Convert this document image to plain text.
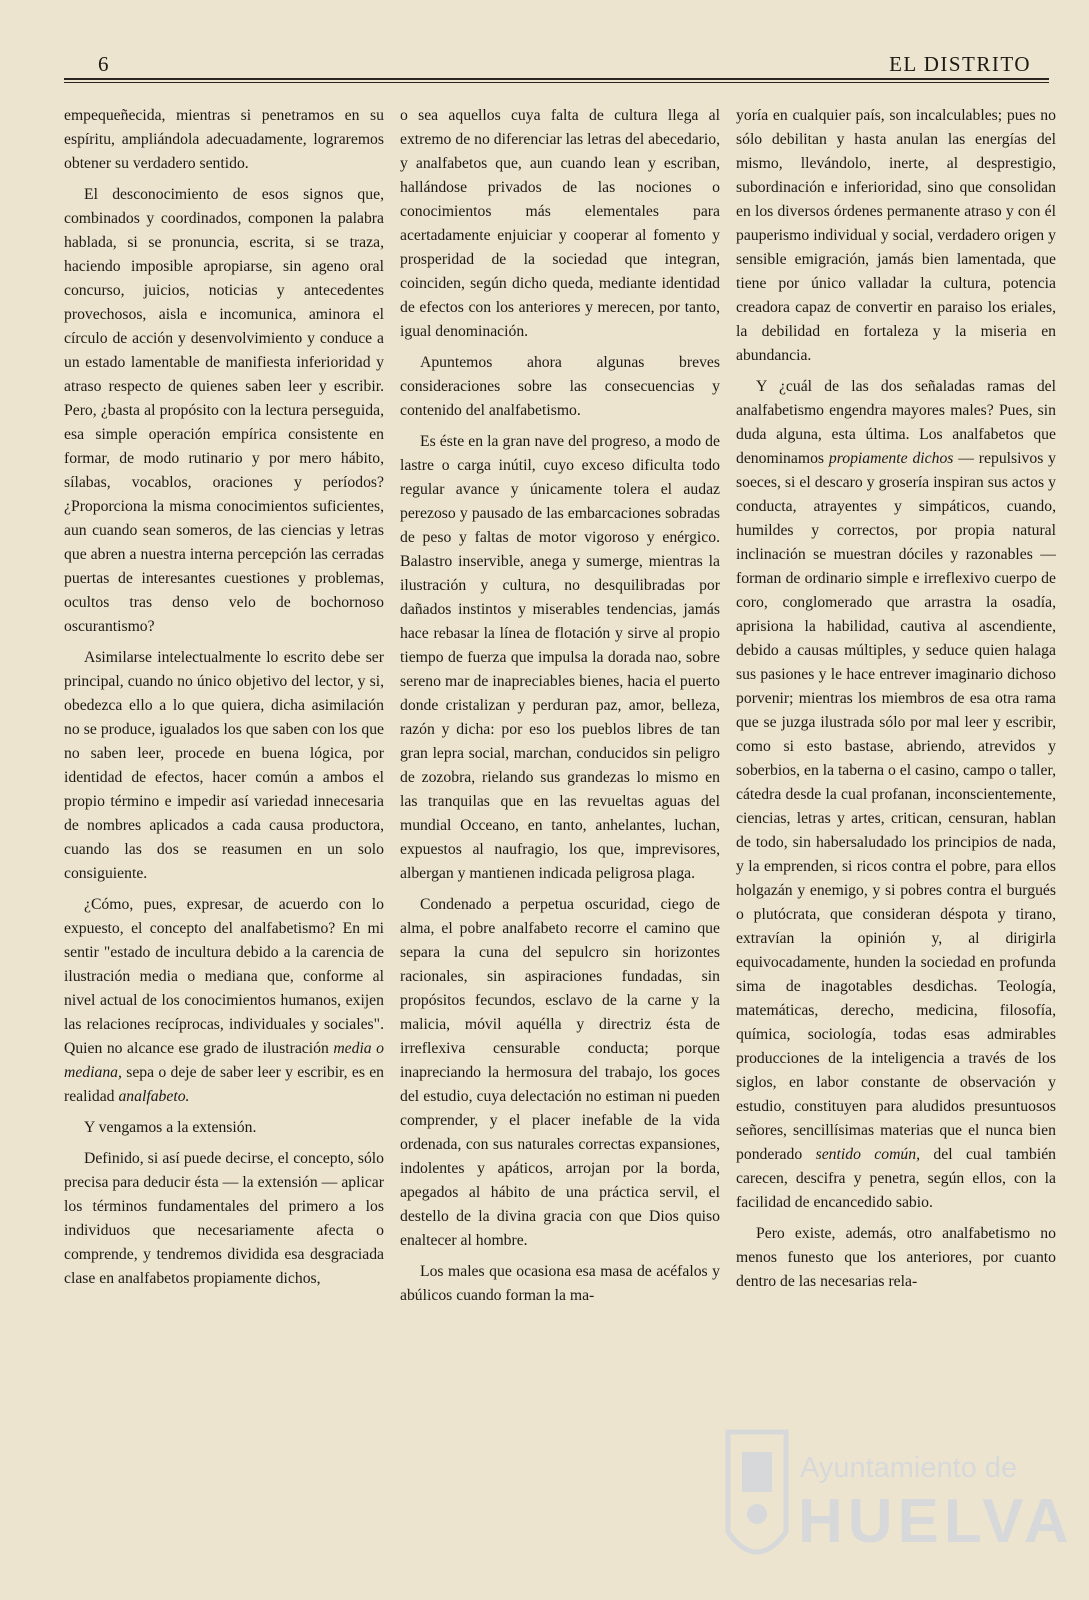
6	EL DISTRITO

empequeñecida, mientras si penetramos en su espíritu, ampliándola adecuadamente, lograremos obtener su verdadero sentido.

El desconocimiento de esos signos que, combinados y coordinados, componen la palabra hablada, si se pronuncia, escrita, si se traza, haciendo imposible apropiarse, sin ageno oral concurso, juicios, noticias y antecedentes provechosos, aisla e incomunica, aminora el círculo de acción y desenvolvimiento y conduce a un estado lamentable de manifiesta inferioridad y atraso respecto de quienes saben leer y escribir. Pero, ¿basta al propósito con la lectura perseguida, esa simple operación empírica consistente en formar, de modo rutinario y por mero hábito, sílabas, vocablos, oraciones y períodos? ¿Proporciona la misma conocimientos suficientes, aun cuando sean someros, de las ciencias y letras que abren a nuestra interna percepción las cerradas puertas de interesantes cuestiones y problemas, ocultos tras denso velo de bochornoso oscurantismo?

Asimilarse intelectualmente lo escrito debe ser principal, cuando no único objetivo del lector, y si, obedezca ello a lo que quiera, dicha asimilación no se produce, igualados los que saben con los que no saben leer, procede en buena lógica, por identidad de efectos, hacer común a ambos el propio término e impedir así variedad innecesaria de nombres aplicados a cada causa productora, cuando las dos se reasumen en un solo consiguiente.

¿Cómo, pues, expresar, de acuerdo con lo expuesto, el concepto del analfabetismo? En mi sentir "estado de incultura debido a la carencia de ilustración media o mediana que, conforme al nivel actual de los conocimientos humanos, exijen las relaciones recíprocas, individuales y sociales". Quien no alcance ese grado de ilustración media o mediana, sepa o deje de saber leer y escribir, es en realidad analfabeto.

Y vengamos a la extensión.

Definido, si así puede decirse, el concepto, sólo precisa para deducir ésta — la extensión — aplicar los términos fundamentales del primero a los individuos que necesariamente afecta o comprende, y tendremos dividida esa desgraciada clase en analfabetos propiamente dichos,

o sea aquellos cuya falta de cultura llega al extremo de no diferenciar las letras del abecedario, y analfabetos que, aun cuando lean y escriban, hallándose privados de las nociones o conocimientos más elementales para acertadamente enjuiciar y cooperar al fomento y prosperidad de la sociedad que integran, coinciden, según dicho queda, mediante identidad de efectos con los anteriores y merecen, por tanto, igual denominación.

Apuntemos ahora algunas breves consideraciones sobre las consecuencias y contenido del analfabetismo.

Es éste en la gran nave del progreso, a modo de lastre o carga inútil, cuyo exceso dificulta todo regular avance y únicamente tolera el audaz perezoso y pausado de las embarcaciones sobradas de peso y faltas de motor vigoroso y enérgico. Balastro inservible, anega y sumerge, mientras la ilustración y cultura, no desquilibradas por dañados instintos y miserables tendencias, jamás hace rebasar la línea de flotación y sirve al propio tiempo de fuerza que impulsa la dorada nao, sobre sereno mar de inapreciables bienes, hacia el puerto donde cristalizan y perduran paz, amor, belleza, razón y dicha: por eso los pueblos libres de tan gran lepra social, marchan, conducidos sin peligro de zozobra, rielando sus grandezas lo mismo en las tranquilas que en las revueltas aguas del mundial Occeano, en tanto, anhelantes, luchan, expuestos al naufragio, los que, imprevisores, albergan y mantienen indicada peligrosa plaga.

Condenado a perpetua oscuridad, ciego de alma, el pobre analfabeto recorre el camino que separa la cuna del sepulcro sin horizontes racionales, sin aspiraciones fundadas, sin propósitos fecundos, esclavo de la carne y la malicia, móvil aquélla y directriz ésta de irreflexiva censurable conducta; porque inapreciando la hermosura del trabajo, los goces del estudio, cuya delectación no estiman ni pueden comprender, y el placer inefable de la vida ordenada, con sus naturales correctas expansiones, indolentes y apáticos, arrojan por la borda, apegados al hábito de una práctica servil, el destello de la divina gracia con que Dios quiso enaltecer al hombre.

Los males que ocasiona esa masa de acéfalos y abúlicos cuando forman la ma-

yoría en cualquier país, son incalculables; pues no sólo debilitan y hasta anulan las energías del mismo, llevándolo, inerte, al desprestigio, subordinación e inferioridad, sino que consolidan en los diversos órdenes permanente atraso y con él pauperismo individual y social, verdadero origen y sensible emigración, jamás bien lamentada, que tiene por único valladar la cultura, potencia creadora capaz de convertir en paraiso los eriales, la debilidad en fortaleza y la miseria en abundancia.

Y ¿cuál de las dos señaladas ramas del analfabetismo engendra mayores males? Pues, sin duda alguna, esta última. Los analfabetos que denominamos propiamente dichos — repulsivos y soeces, si el descaro y grosería inspiran sus actos y conducta, atrayentes y simpáticos, cuando, humildes y correctos, por propia natural inclinación se muestran dóciles y razonables — forman de ordinario simple e irreflexivo cuerpo de coro, conglomerado que arrastra la osadía, aprisiona la habilidad, cautiva al ascendiente, debido a causas múltiples, y seduce quien halaga sus pasiones y le hace entrever imaginario dichoso porvenir; mientras los miembros de esa otra rama que se juzga ilustrada sólo por mal leer y escribir, como si esto bastase, abriendo, atrevidos y soberbios, en la taberna o el casino, campo o taller, cátedra desde la cual profanan, inconscientemente, ciencias, letras y artes, critican, censuran, hablan de todo, sin habersaludado los principios de nada, y la emprenden, si ricos contra el pobre, para ellos holgazán y enemigo, y si pobres contra el burgués o plutócrata, que consideran déspota y tirano, extravían la opinión y, al dirigirla equivocadamente, hunden la sociedad en profunda sima de inagotables desdichas. Teología, matemáticas, derecho, medicina, filosofía, química, sociología, todas esas admirables producciones de la inteligencia a través de los siglos, en labor constante de observación y estudio, constituyen para aludidos presuntuosos señores, sencillísimas materias que el nunca bien ponderado sentido común, del cual también carecen, descifra y penetra, según ellos, con la facilidad de encancedido sabio.

Pero existe, además, otro analfabetismo no menos funesto que los anteriores, por cuanto dentro de las necesarias rela-

Ayuntamiento de
HUELVA
